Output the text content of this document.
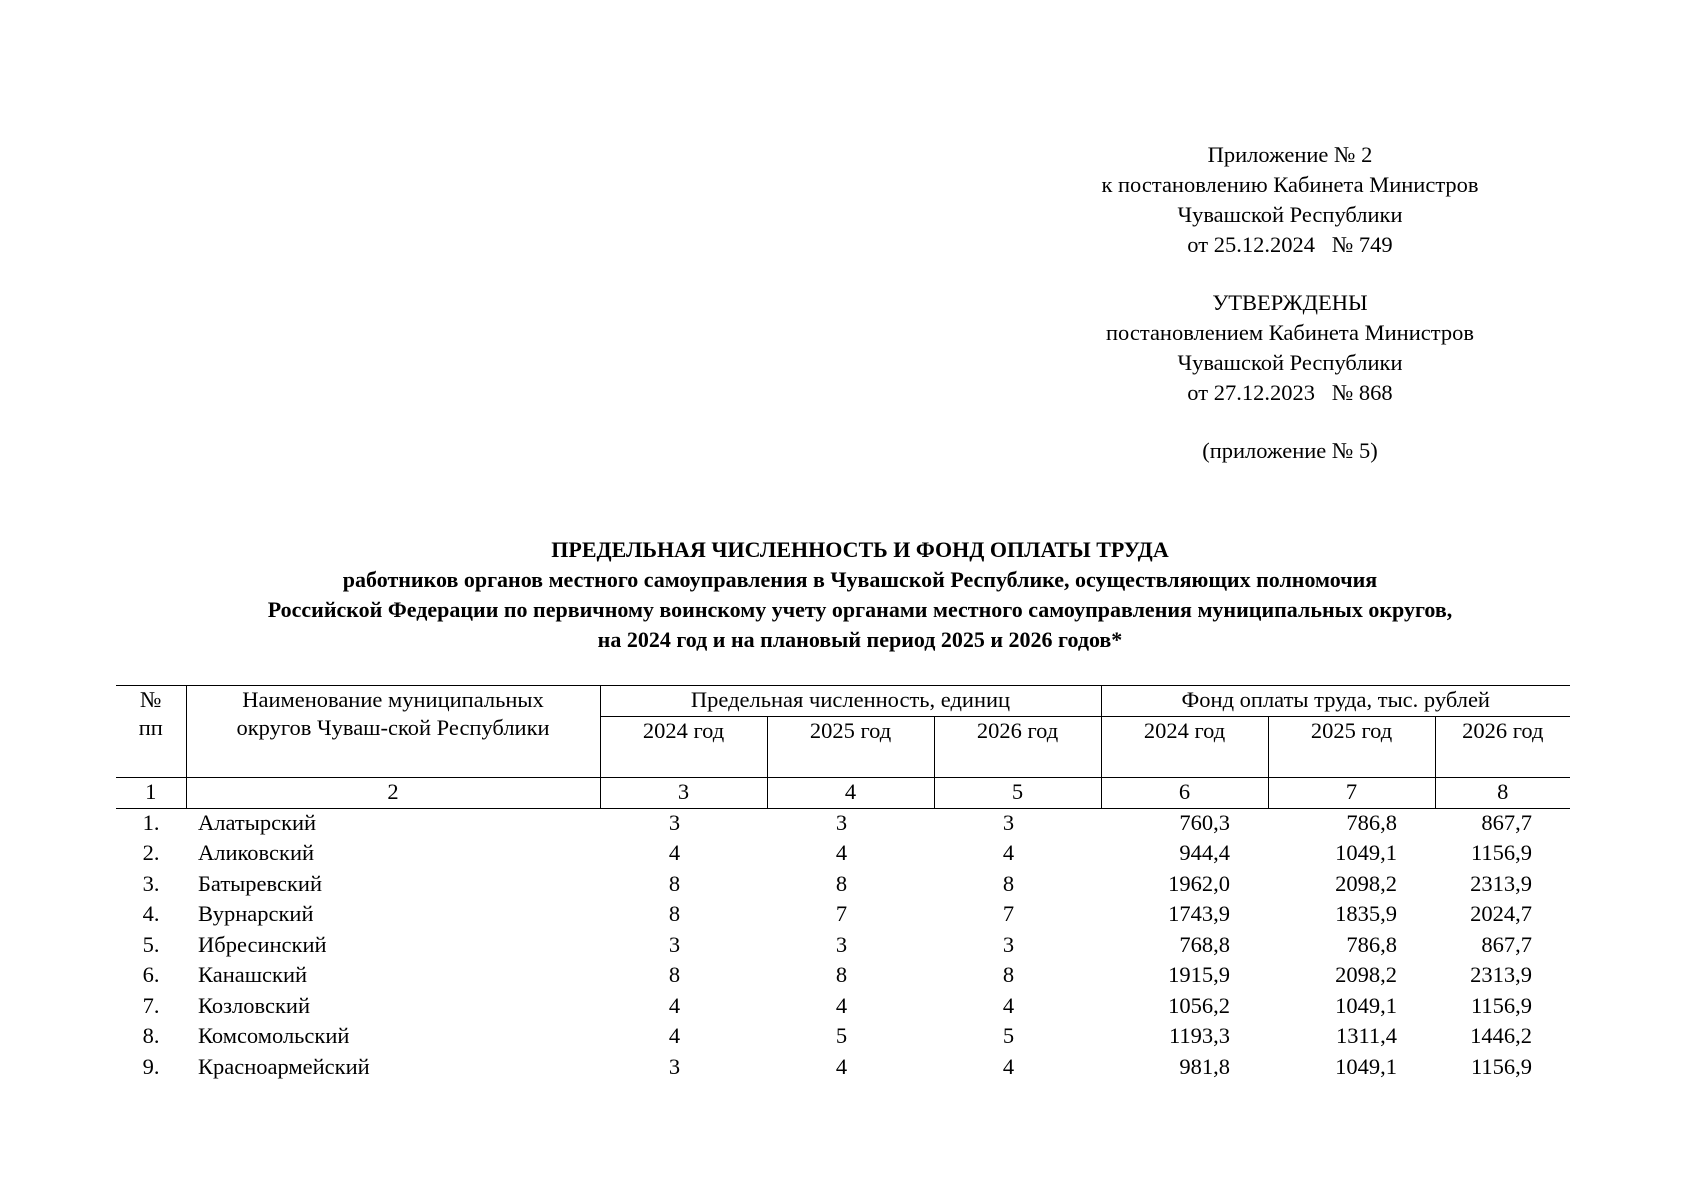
Приложение № 2
к постановлению Кабинета Министров
Чувашской Республики
от 25.12.2024   № 749
УТВЕРЖДЕНЫ
постановлением Кабинета Министров
Чувашской Республики
от 27.12.2023   № 868
(приложение № 5)
ПРЕДЕЛЬНАЯ ЧИСЛЕННОСТЬ И ФОНД ОПЛАТЫ ТРУДА
работников органов местного самоуправления в Чувашской Республике, осуществляющих полномочия
Российской Федерации по первичному воинскому учету органами местного самоуправления муниципальных округов,
на 2024 год и на плановый период 2025 и 2026 годов*
№ пп	Наименование муниципальных округов Чуваш-ской Республики	Предельная численность, единиц			Фонд оплаты труда, тыс. рублей		
		2024 год	2025 год	2026 год	2024 год	2025 год	2026 год
1	2	3	4	5	6	7	8
1.	Алатырский	3	3	3	760,3	786,8	867,7
2.	Аликовский	4	4	4	944,4	1049,1	1156,9
3.	Батыревский	8	8	8	1962,0	2098,2	2313,9
4.	Вурнарский	8	7	7	1743,9	1835,9	2024,7
5.	Ибресинский	3	3	3	768,8	786,8	867,7
6.	Канашский	8	8	8	1915,9	2098,2	2313,9
7.	Козловский	4	4	4	1056,2	1049,1	1156,9
8.	Комсомольский	4	5	5	1193,3	1311,4	1446,2
9.	Красноармейский	3	4	4	981,8	1049,1	1156,9
